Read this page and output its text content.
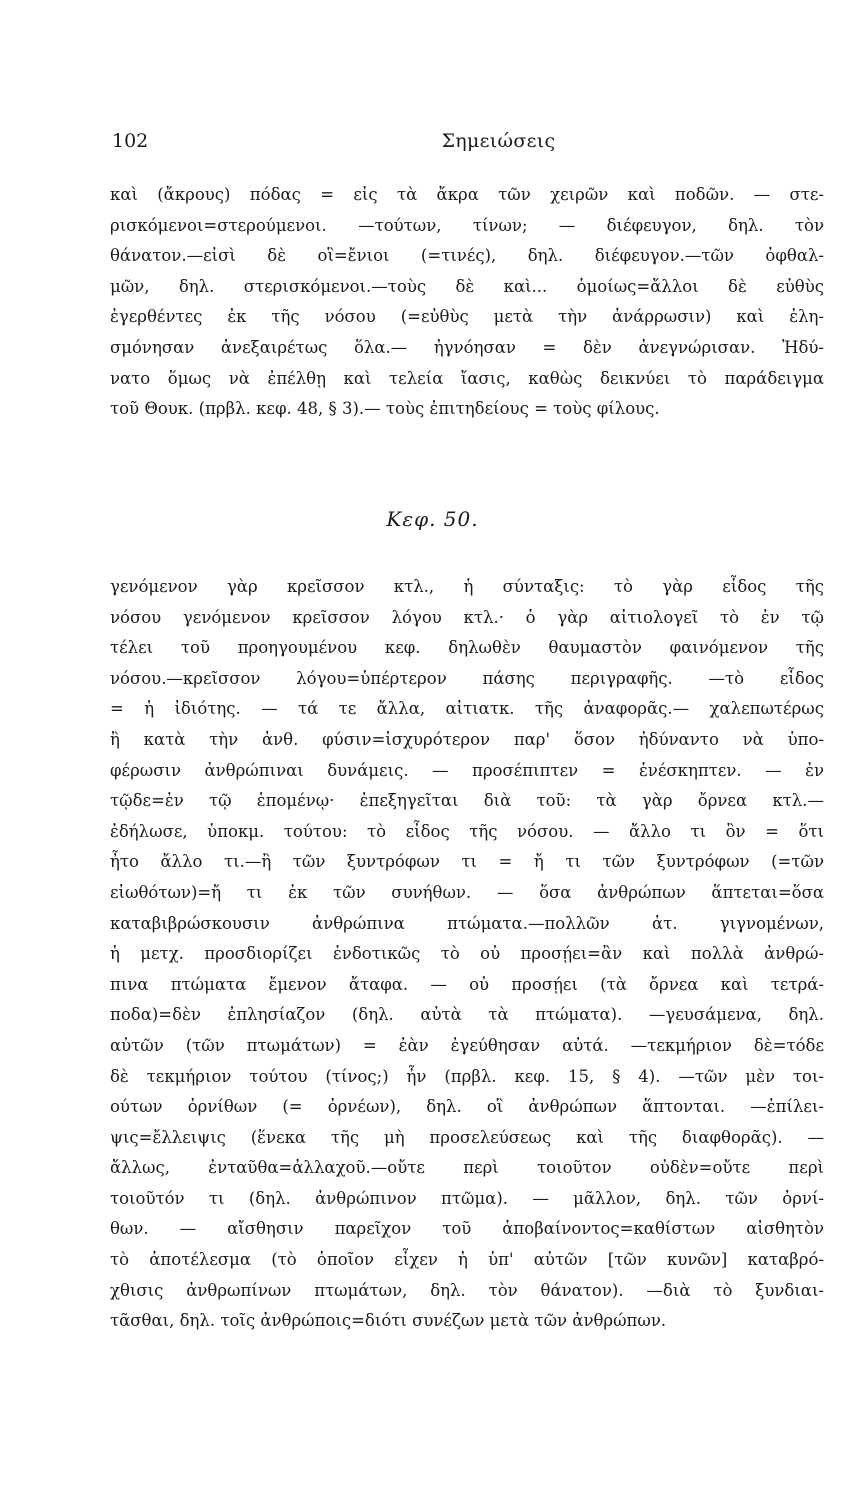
102	Σημειώσεις
καὶ (ἄκρους) πόδας = εἰς τὰ ἄκρα τῶν χειρῶν καὶ ποδῶν. — στε-
ρισκόμενοι=στερούμενοι. —τούτων, τίνων; — διέφευγον, δηλ. τὸν
θάνατον.—εἰσὶ δὲ οἳ=ἔνιοι (=τινές), δηλ. διέφευγον.—τῶν ὀφθαλ-
μῶν, δηλ. στερισκόμενοι.—τοὺς δὲ καὶ... ὁμοίως=ἄλλοι δὲ εὐθὺς
ἐγερθέντες ἐκ τῆς νόσου (=εὐθὺς μετὰ τὴν ἀνάρρωσιν) καὶ ἐλη-
σμόνησαν ἀνεξαιρέτως ὅλα.— ἠγνόησαν = δὲν ἀνεγνώρισαν. Ἠδύ-
νατο ὅμως νὰ ἐπέλθῃ καὶ τελεία ἴασις, καθὼς δεικνύει τὸ παράδειγμα
τοῦ Θουκ. (πρβλ. κεφ. 48, § 3).— τοὺς ἐπιτηδείους = τοὺς φίλους.
Κεφ. 50.
γενόμενον γὰρ κρεῖσσον κτλ., ἡ σύνταξις: τὸ γὰρ εἶδος τῆς
νόσου γενόμενον κρεῖσσον λόγου κτλ.· ὁ γὰρ αἰτιολογεῖ τὸ ἐν τῷ
τέλει τοῦ προηγουμένου κεφ. δηλωθὲν θαυμαστὸν φαινόμενον τῆς
νόσου.—κρεῖσσον λόγου=ὑπέρτερον πάσης περιγραφῆς. —τὸ εἶδος
= ἡ ἰδιότης. — τά τε ἄλλα, αἰτιατκ. τῆς ἀναφορᾶς.— χαλεπωτέρως
ἢ κατὰ τὴν ἀνθ. φύσιν=ἰσχυρότερον παρ' ὅσον ἠδύναντο νὰ ὑπο-
φέρωσιν ἀνθρώπιναι δυνάμεις. — προσέπιπτεν = ἐνέσκηπτεν. — ἐν
τῷδε=ἐν τῷ ἑπομένῳ· ἐπεξηγεῖται διὰ τοῦ: τὰ γὰρ ὄρνεα κτλ.—
ἐδήλωσε, ὑποκμ. τούτου: τὸ εἶδος τῆς νόσου. — ἄλλο τι ὂν = ὅτι
ἦτο ἄλλο τι.—ἢ τῶν ξυντρόφων τι = ἤ τι τῶν ξυντρόφων (=τῶν
εἰωθότων)=ἤ τι ἐκ τῶν συνήθων. — ὅσα ἀνθρώπων ἅπτεται=ὅσα
καταβιβρώσκουσιν ἀνθρώπινα πτώματα.—πολλῶν ἀτ. γιγνομένων,
ἡ μετχ. προσδιορίζει ἐνδοτικῶς τὸ οὐ προσῄει=ἂν καὶ πολλὰ ἀνθρώ-
πινα πτώματα ἔμενον ἄταφα. — οὐ προσῄει (τὰ ὄρνεα καὶ τετρά-
ποδα)=δὲν ἐπλησίαζον (δηλ. αὐτὰ τὰ πτώματα). —γευσάμενα, δηλ.
αὐτῶν (τῶν πτωμάτων) = ἐὰν ἐγεύθησαν αὐτά. —τεκμήριον δὲ=τόδε
δὲ τεκμήριον τούτου (τίνος;) ἦν (πρβλ. κεφ. 15, § 4). —τῶν μὲν τοι-
ούτων ὀρνίθων (= ὀρνέων), δηλ. οἳ ἀνθρώπων ἅπτονται. —ἐπίλει-
ψις=ἔλλειψις (ἕνεκα τῆς μὴ προσελεύσεως καὶ τῆς διαφθορᾶς). —
ἄλλως, ἐνταῦθα=ἀλλαχοῦ.—οὔτε περὶ τοιοῦτον οὐδὲν=οὔτε περὶ
τοιοῦτόν τι (δηλ. ἀνθρώπινον πτῶμα). — μᾶλλον, δηλ. τῶν ὀρνί-
θων. — αἴσθησιν παρεῖχον τοῦ ἀποβαίνοντος=καθίστων αἰσθητὸν
τὸ ἀποτέλεσμα (τὸ ὁποῖον εἶχεν ἡ ὑπ' αὐτῶν [τῶν κυνῶν] καταβρό-
χθισις ἀνθρωπίνων πτωμάτων, δηλ. τὸν θάνατον). —διὰ τὸ ξυνδιαι-
τᾶσθαι, δηλ. τοῖς ἀνθρώποις=διότι συνέζων μετὰ τῶν ἀνθρώπων.
